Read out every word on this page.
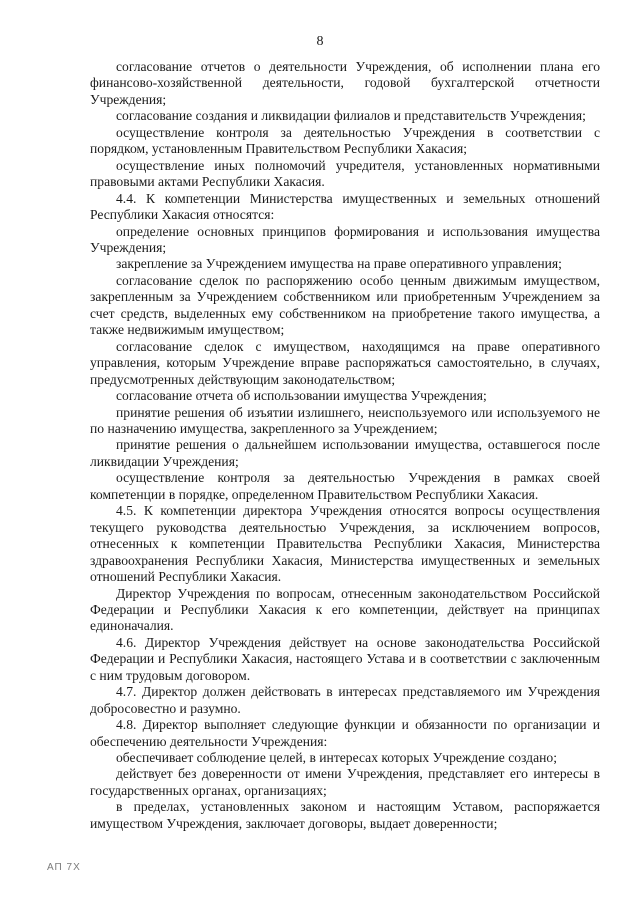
8

согласование отчетов о деятельности Учреждения, об исполнении плана его финансово-хозяйственной деятельности, годовой бухгалтерской отчетности Учреждения;

согласование создания и ликвидации филиалов и представительств Учреждения;

осуществление контроля за деятельностью Учреждения в соответствии с порядком, установленным Правительством Республики Хакасия;

осуществление иных полномочий учредителя, установленных нормативными правовыми актами Республики Хакасия.

4.4. К компетенции Министерства имущественных и земельных отношений Республики Хакасия относятся:

определение основных принципов формирования и использования имущества Учреждения;

закрепление за Учреждением имущества на праве оперативного управления;

согласование сделок по распоряжению особо ценным движимым имуществом, закрепленным за Учреждением собственником или приобретенным Учреждением за счет средств, выделенных ему собственником на приобретение такого имущества, а также недвижимым имуществом;

согласование сделок с имуществом, находящимся на праве оперативного управления, которым Учреждение вправе распоряжаться самостоятельно, в случаях, предусмотренных действующим законодательством;

согласование отчета об использовании имущества Учреждения;

принятие решения об изъятии излишнего, неиспользуемого или используемого не по назначению имущества, закрепленного за Учреждением;

принятие решения о дальнейшем использовании имущества, оставшегося после ликвидации Учреждения;

осуществление контроля за деятельностью Учреждения в рамках своей компетенции в порядке, определенном Правительством Республики Хакасия.

4.5. К компетенции директора Учреждения относятся вопросы осуществления текущего руководства деятельностью Учреждения, за исключением вопросов, отнесенных к компетенции Правительства Республики Хакасия, Министерства здравоохранения Республики Хакасия, Министерства имущественных и земельных отношений Республики Хакасия.

Директор Учреждения по вопросам, отнесенным законодательством Российской Федерации и Республики Хакасия к его компетенции, действует на принципах единоначалия.

4.6. Директор Учреждения действует на основе законодательства Российской Федерации и Республики Хакасия, настоящего Устава и в соответствии с заключенным с ним трудовым договором.

4.7. Директор должен действовать в интересах представляемого им Учреждения добросовестно и разумно.

4.8. Директор выполняет следующие функции и обязанности по организации и обеспечению деятельности Учреждения:

обеспечивает соблюдение целей, в интересах которых Учреждение создано;

действует без доверенности от имени Учреждения, представляет его интересы в государственных органах, организациях;

в пределах, установленных законом и настоящим Уставом, распоряжается имуществом Учреждения, заключает договоры, выдает доверенности;

АП 7Х
